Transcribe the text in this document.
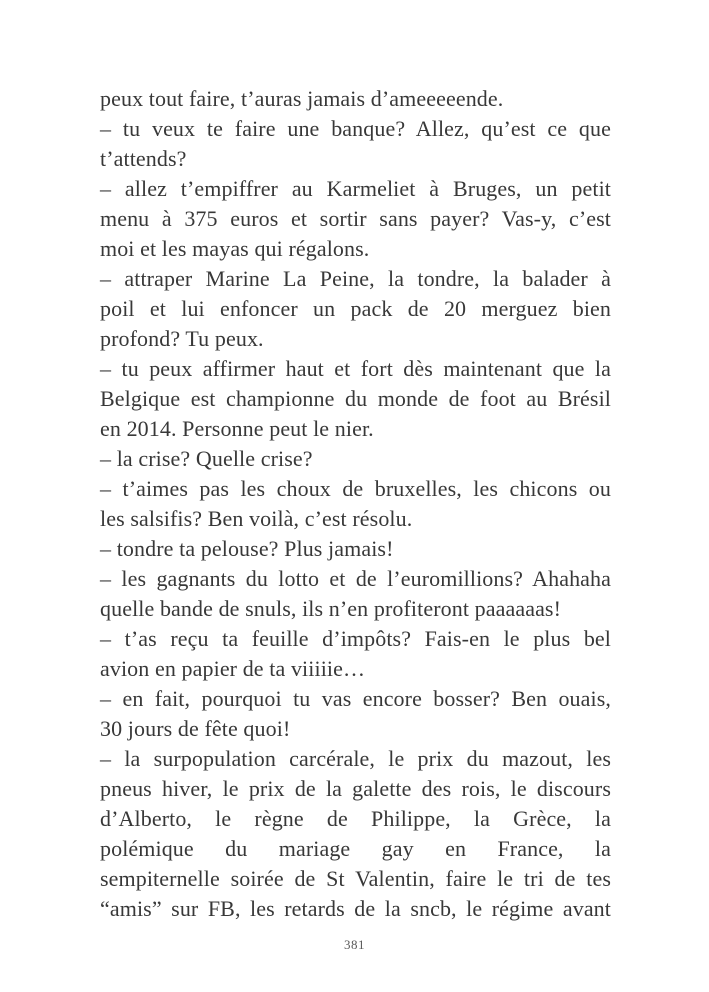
peux tout faire, t’auras jamais d’ameeeeende.
– tu veux te faire une banque? Allez, qu’est ce que
t’attends?
– allez t’empiffrer au Karmeliet à Bruges, un petit
menu à 375 euros et sortir sans payer? Vas-y, c’est
moi et les mayas qui régalons.
– attraper Marine La Peine, la tondre, la balader à
poil et lui enfoncer un pack de 20 merguez bien
profond? Tu peux.
– tu peux affirmer haut et fort dès maintenant que la
Belgique est championne du monde de foot au Brésil
en 2014. Personne peut le nier.
– la crise? Quelle crise?
– t’aimes pas les choux de bruxelles, les chicons ou
les salsifis? Ben voilà, c’est résolu.
– tondre ta pelouse? Plus jamais!
– les gagnants du lotto et de l’euromillions? Ahahaha
quelle bande de snuls, ils n’en profiteront paaaaaas!
– t’as reçu ta feuille d’impôts? Fais-en le plus bel
avion en papier de ta viiiiie…
– en fait, pourquoi tu vas encore bosser? Ben ouais,
30 jours de fête quoi!
– la surpopulation carcérale, le prix du mazout, les
pneus hiver, le prix de la galette des rois, le discours
d’Alberto, le règne de Philippe, la Grèce, la
polémique du mariage gay en France, la
sempiternelle soirée de St Valentin, faire le tri de tes
“amis” sur FB, les retards de la sncb, le régime avant
381
